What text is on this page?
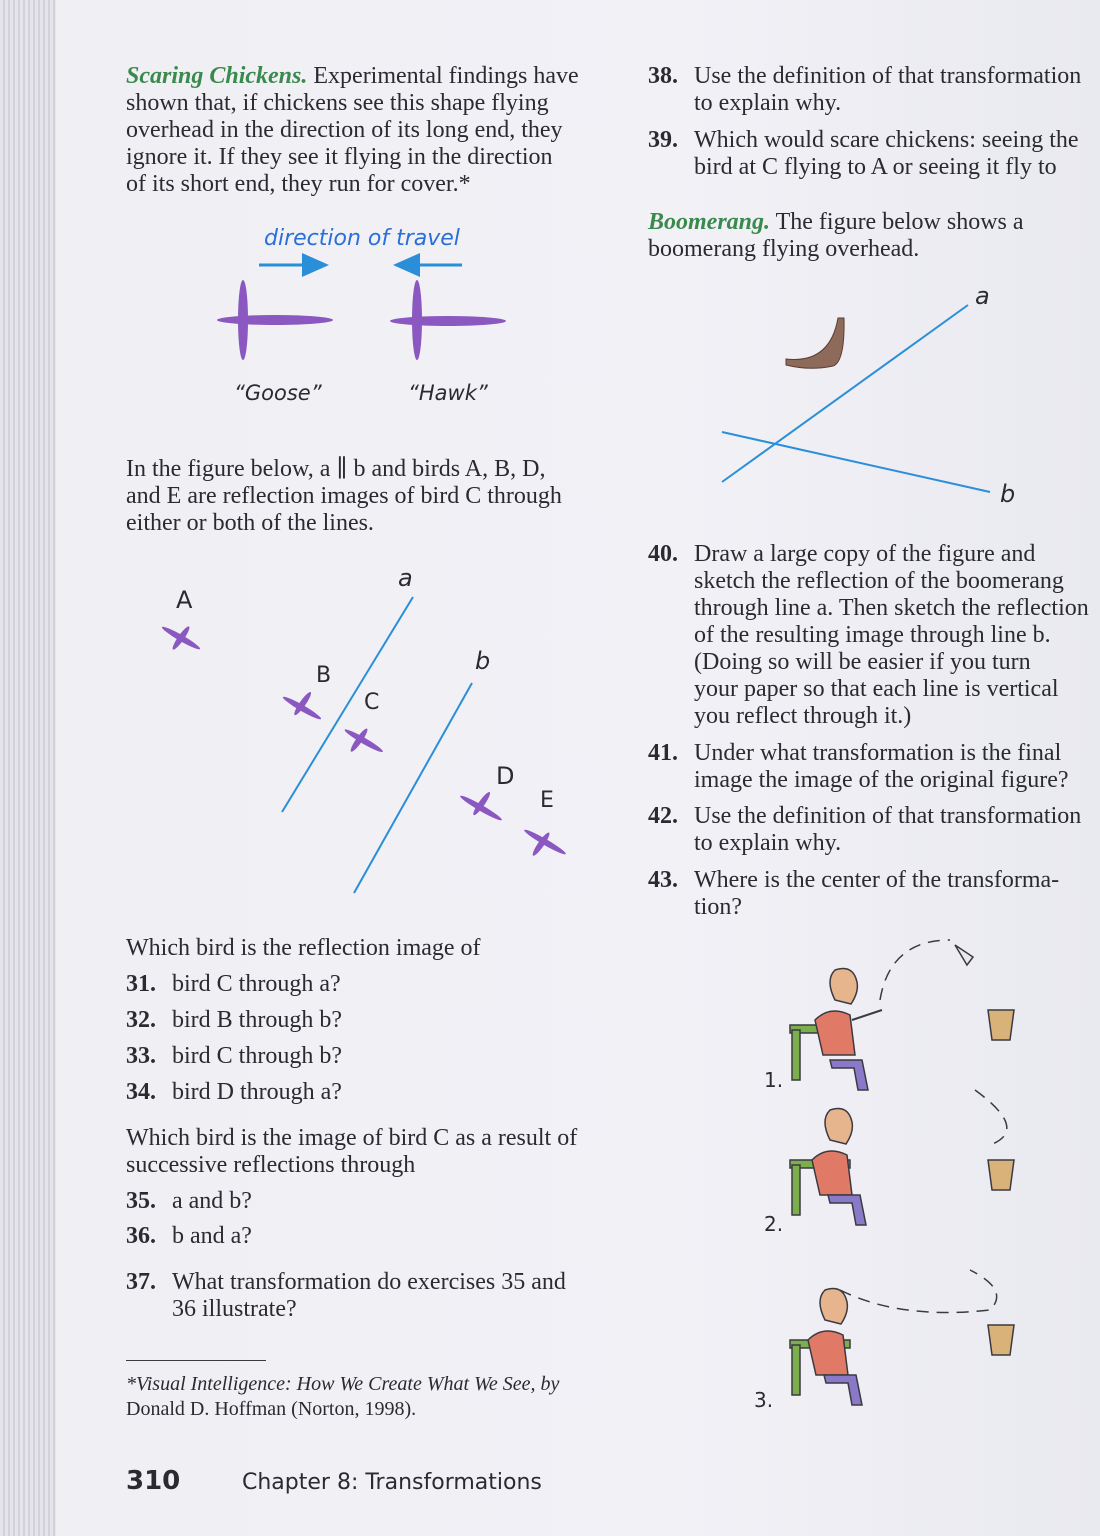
Scaring Chickens. Experimental findings have
shown that, if chickens see this shape flying
overhead in the direction of its long end, they
ignore it. If they see it flying in the direction
of its short end, they run for cover.*
direction of travel
“Goose”	“Hawk”
In the figure below, a ∥ b and birds A, B, D,
and E are reflection images of bird C through
either or both of the lines.
a
b
A
B
C
D
E
Which bird is the reflection image of
31. bird C through a?
32. bird B through b?
33. bird C through b?
34. bird D through a?
Which bird is the image of bird C as a result of
successive reflections through
35. a and b?
36. b and a?
37. What transformation do exercises 35 and
36 illustrate?
*Visual Intelligence: How We Create What We See, by
Donald D. Hoffman (Norton, 1998).
310	Chapter 8: Transformations
38. Use the definition of that transformation
to explain why.
39. Which would scare chickens: seeing the
bird at C flying to A or seeing it fly to
Boomerang. The figure below shows a
boomerang flying overhead.
a
b
40. Draw a large copy of the figure and
sketch the reflection of the boomerang
through line a. Then sketch the reflection
of the resulting image through line b.
(Doing so will be easier if you turn
your paper so that each line is vertical
you reflect through it.)
41. Under what transformation is the final
image the image of the original figure?
42. Use the definition of that transformation
to explain why.
43. Where is the center of the transforma-
tion?
1.
2.
3.
